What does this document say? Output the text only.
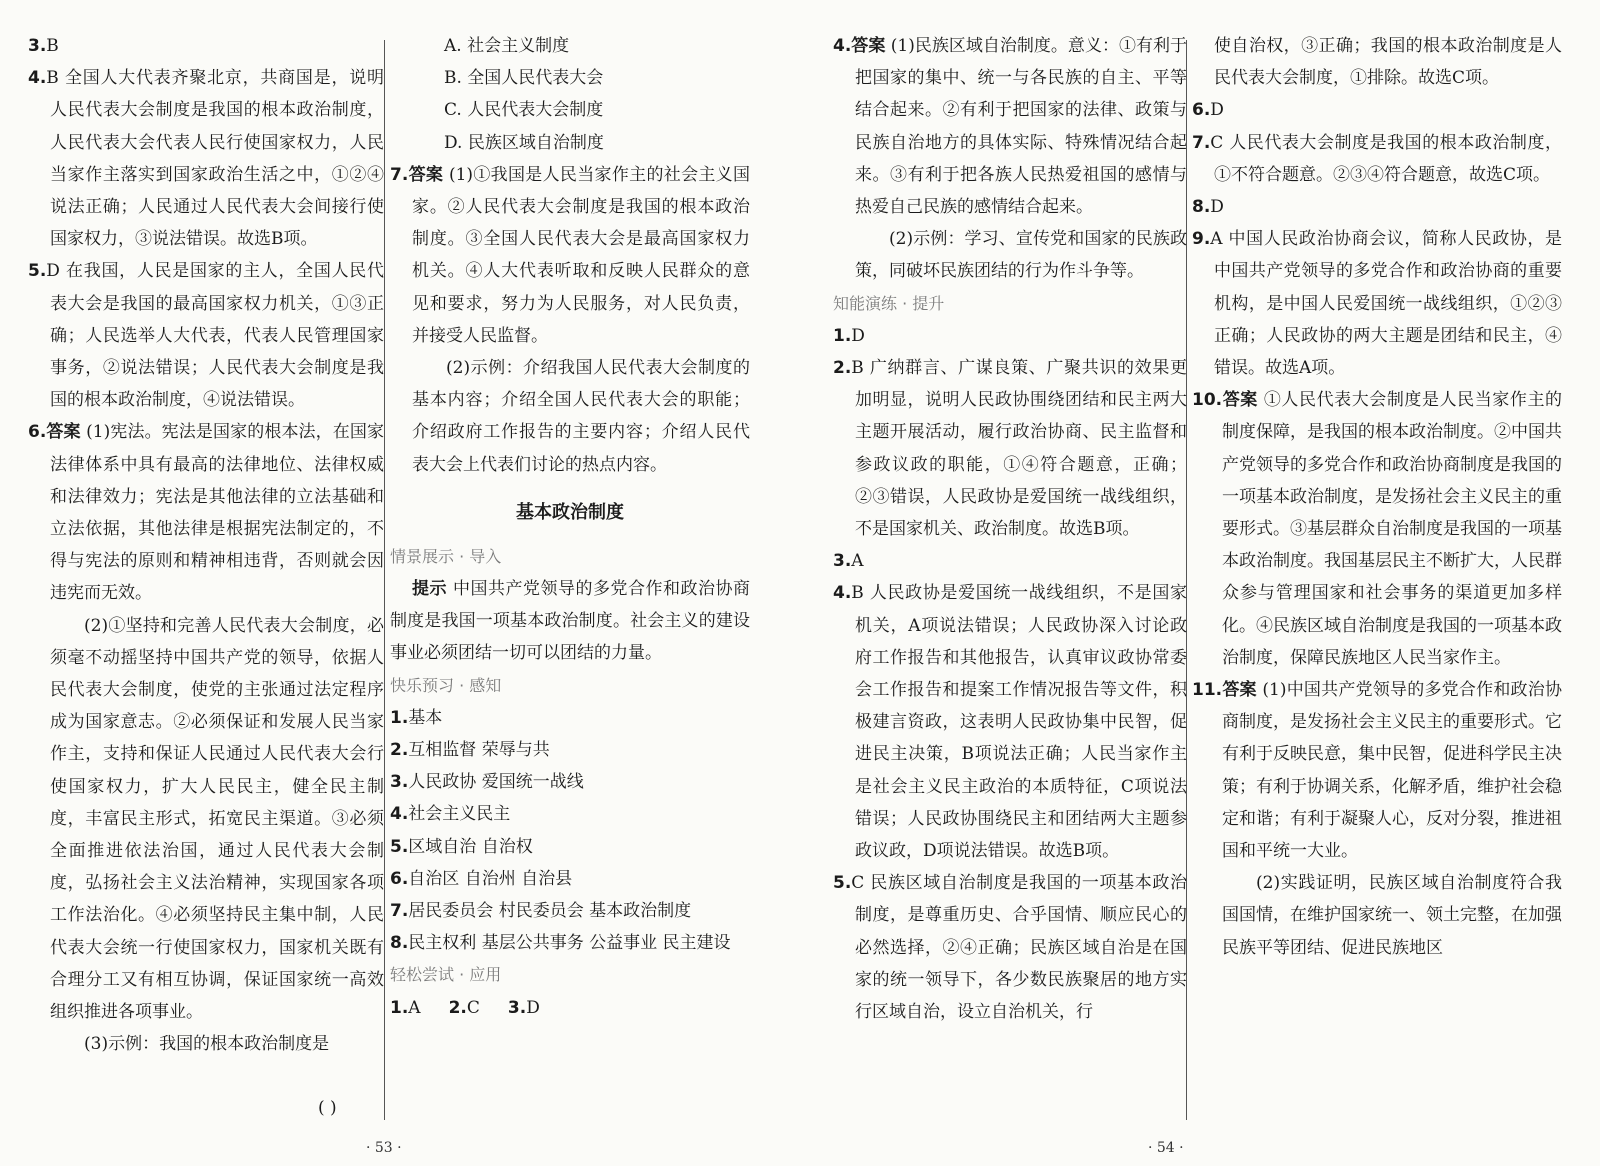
3.B

4.B 全国人大代表齐聚北京，共商国是，说明人民代表大会制度是我国的根本政治制度，人民代表大会代表人民行使国家权力，人民当家作主落实到国家政治生活之中，①②④说法正确；人民通过人民代表大会间接行使国家权力，③说法错误。故选B项。

5.D 在我国，人民是国家的主人，全国人民代表大会是我国的最高国家权力机关，①③正确；人民选举人大代表，代表人民管理国家事务，②说法错误；人民代表大会制度是我国的根本政治制度，④说法错误。

6.答案 (1)宪法。宪法是国家的根本法，在国家法律体系中具有最高的法律地位、法律权威和法律效力；宪法是其他法律的立法基础和立法依据，其他法律是根据宪法制定的，不得与宪法的原则和精神相违背，否则就会因违宪而无效。

(2)①坚持和完善人民代表大会制度，必须毫不动摇坚持中国共产党的领导，依据人民代表大会制度，使党的主张通过法定程序成为国家意志。②必须保证和发展人民当家作主，支持和保证人民通过人民代表大会行使国家权力，扩大人民民主，健全民主制度，丰富民主形式，拓宽民主渠道。③必须全面推进依法治国，通过人民代表大会制度，弘扬社会主义法治精神，实现国家各项工作法治化。④必须坚持民主集中制，人民代表大会统一行使国家权力，国家机关既有合理分工又有相互协调，保证国家统一高效组织推进各项事业。

(3)示例：我国的根本政治制度是

( )

A. 社会主义制度

B. 全国人民代表大会

C. 人民代表大会制度

D. 民族区域自治制度

7.答案 (1)①我国是人民当家作主的社会主义国家。②人民代表大会制度是我国的根本政治制度。③全国人民代表大会是最高国家权力机关。④人大代表听取和反映人民群众的意见和要求，努力为人民服务，对人民负责，并接受人民监督。

(2)示例：介绍我国人民代表大会制度的基本内容；介绍全国人民代表大会的职能；介绍政府工作报告的主要内容；介绍人民代表大会上代表们讨论的热点内容。

基本政治制度

情景展示 · 导入

提示 中国共产党领导的多党合作和政治协商制度是我国一项基本政治制度。社会主义的建设事业必须团结一切可以团结的力量。

快乐预习 · 感知

1.基本

2.互相监督 荣辱与共

3.人民政协 爱国统一战线

4.社会主义民主

5.区域自治 自治权

6.自治区 自治州 自治县

7.居民委员会 村民委员会 基本政治制度

8.民主权利 基层公共事务 公益事业 民主建设

轻松尝试 · 应用

1.A 2.C 3.D

4.答案 (1)民族区域自治制度。意义：①有利于把国家的集中、统一与各民族的自主、平等结合起来。②有利于把国家的法律、政策与民族自治地方的具体实际、特殊情况结合起来。③有利于把各族人民热爱祖国的感情与热爱自己民族的感情结合起来。

(2)示例：学习、宣传党和国家的民族政策，同破坏民族团结的行为作斗争等。

知能演练 · 提升

1.D

2.B 广纳群言、广谋良策、广聚共识的效果更加明显，说明人民政协围绕团结和民主两大主题开展活动，履行政治协商、民主监督和参政议政的职能，①④符合题意，正确；②③错误，人民政协是爱国统一战线组织，不是国家机关、政治制度。故选B项。

3.A

4.B 人民政协是爱国统一战线组织，不是国家机关，A项说法错误；人民政协深入讨论政府工作报告和其他报告，认真审议政协常委会工作报告和提案工作情况报告等文件，积极建言资政，这表明人民政协集中民智，促进民主决策，B项说法正确；人民当家作主是社会主义民主政治的本质特征，C项说法错误；人民政协围绕民主和团结两大主题参政议政，D项说法错误。故选B项。

5.C 民族区域自治制度是我国的一项基本政治制度，是尊重历史、合乎国情、顺应民心的必然选择，②④正确；民族区域自治是在国家的统一领导下，各少数民族聚居的地方实行区域自治，设立自治机关，行

使自治权，③正确；我国的根本政治制度是人民代表大会制度，①排除。故选C项。

6.D

7.C 人民代表大会制度是我国的根本政治制度，①不符合题意。②③④符合题意，故选C项。

8.D

9.A 中国人民政治协商会议，简称人民政协，是中国共产党领导的多党合作和政治协商的重要机构，是中国人民爱国统一战线组织，①②③正确；人民政协的两大主题是团结和民主，④错误。故选A项。

10.答案 ①人民代表大会制度是人民当家作主的制度保障，是我国的根本政治制度。②中国共产党领导的多党合作和政治协商制度是我国的一项基本政治制度，是发扬社会主义民主的重要形式。③基层群众自治制度是我国的一项基本政治制度。我国基层民主不断扩大，人民群众参与管理国家和社会事务的渠道更加多样化。④民族区域自治制度是我国的一项基本政治制度，保障民族地区人民当家作主。

11.答案 (1)中国共产党领导的多党合作和政治协商制度，是发扬社会主义民主的重要形式。它有利于反映民意，集中民智，促进科学民主决策；有利于协调关系，化解矛盾，维护社会稳定和谐；有利于凝聚人心，反对分裂，推进祖国和平统一大业。

(2)实践证明，民族区域自治制度符合我国国情，在维护国家统一、领土完整，在加强民族平等团结、促进民族地区

· 53 ·	· 54 ·
